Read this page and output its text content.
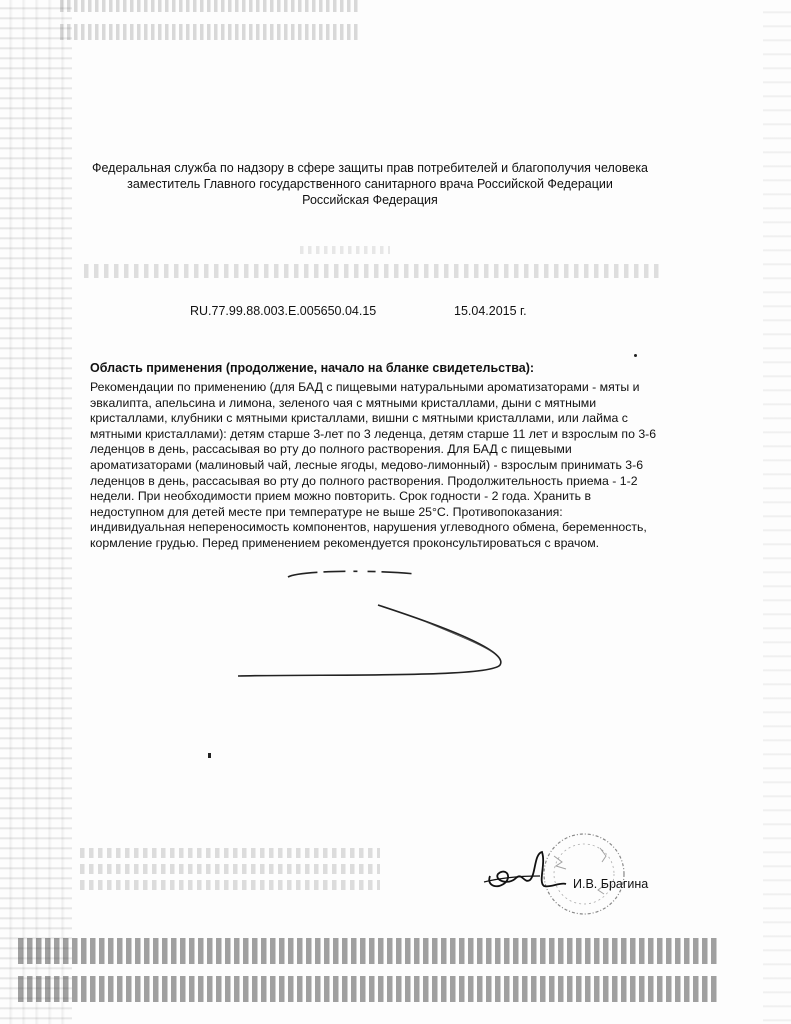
Федеральная служба по надзору в сфере защиты прав потребителей и благополучия человека
заместитель Главного государственного санитарного врача Российской Федерации
Российская Федерация
RU.77.99.88.003.Е.005650.04.15	15.04.2015 г.
Область применения (продолжение, начало на бланке свидетельства):
Рекомендации по применению (для БАД с пищевыми натуральными ароматизаторами - мяты и
эвкалипта, апельсина и лимона, зеленого чая с мятными кристаллами, дыни с мятными
кристаллами, клубники с мятными кристаллами, вишни с мятными кристаллами, или лайма с
мятными кристаллами): детям старше 3-лет по 3 леденца, детям старше 11 лет и взрослым по 3-6
леденцов в день, рассасывая во рту до полного растворения. Для БАД с пищевыми
ароматизаторами (малиновый чай, лесные ягоды, медово-лимонный) - взрослым принимать 3-6
леденцов в день, рассасывая во рту до полного растворения. Продолжительность приема - 1-2
недели. При необходимости прием можно повторить. Срок годности - 2 года. Хранить в
недоступном для детей месте при температуре не выше 25°С. Противопоказания:
индивидуальная непереносимость компонентов, нарушения углеводного обмена, беременность,
кормление грудью. Перед применением рекомендуется проконсультироваться с врачом.
И.В. Брагина
